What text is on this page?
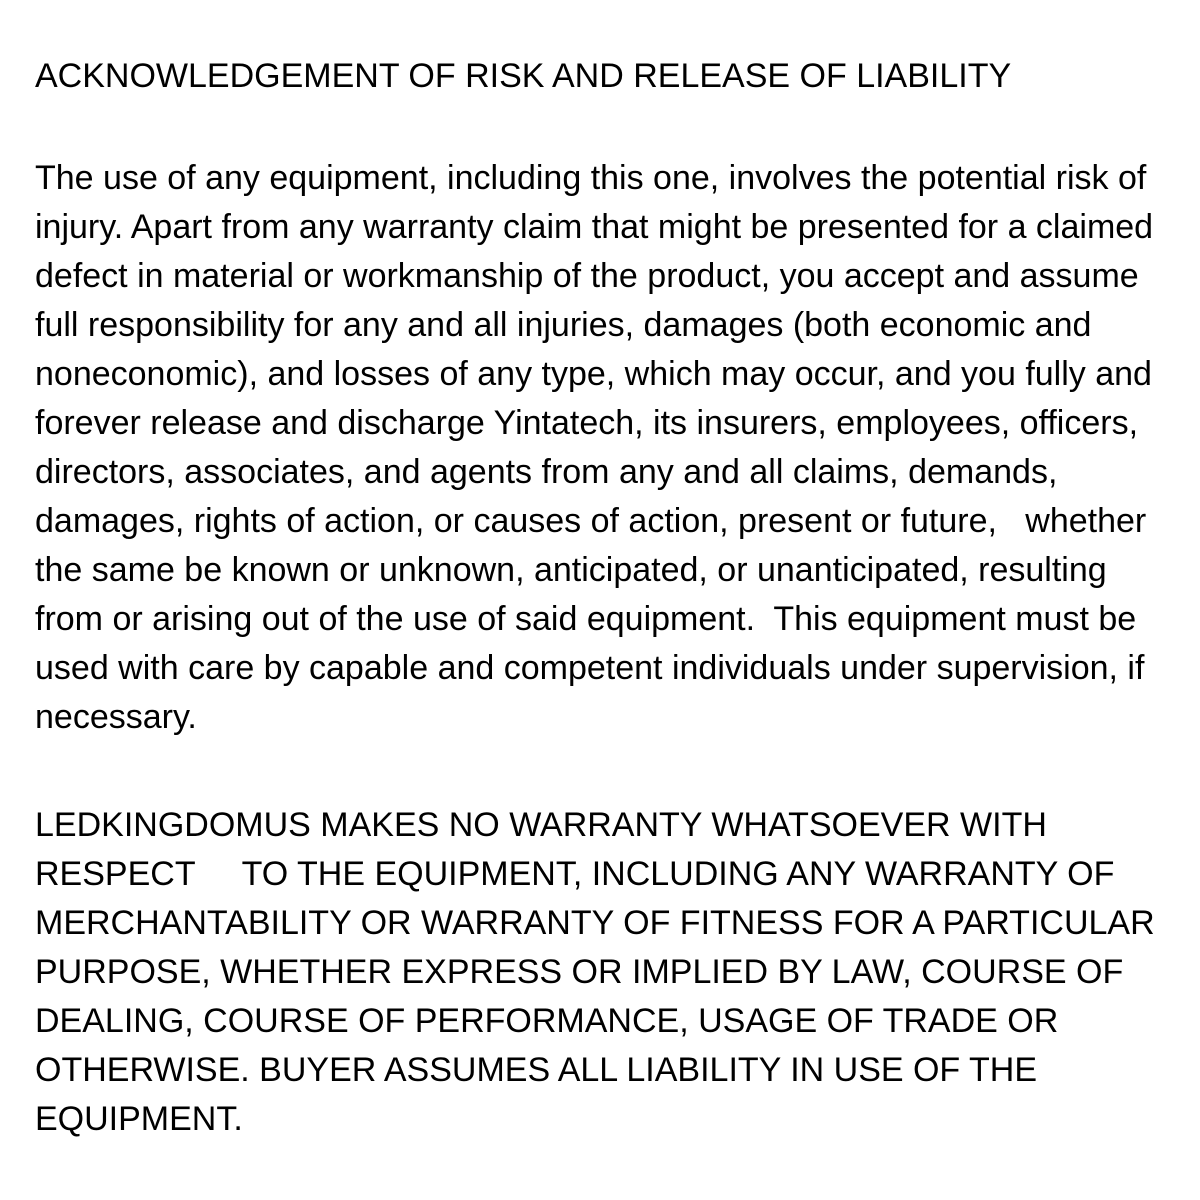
ACKNOWLEDGEMENT OF RISK AND RELEASE OF LIABILITY
The use of any equipment, including this one, involves the potential risk of
injury. Apart from any warranty claim that might be presented for a claimed
defect in material or workmanship of the product, you accept and assume
full responsibility for any and all injuries, damages (both economic and
noneconomic), and losses of any type, which may occur, and you fully and
forever release and discharge Yintatech, its insurers, employees, officers,
directors, associates, and agents from any and all claims, demands,
damages, rights of action, or causes of action, present or future,   whether
the same be known or unknown, anticipated, or unanticipated, resulting
from or arising out of the use of said equipment.  This equipment must be
used with care by capable and competent individuals under supervision, if
necessary.
LEDKINGDOMUS MAKES NO WARRANTY WHATSOEVER WITH
RESPECT     TO THE EQUIPMENT, INCLUDING ANY WARRANTY OF
MERCHANTABILITY OR WARRANTY OF FITNESS FOR A PARTICULAR
PURPOSE, WHETHER EXPRESS OR IMPLIED BY LAW, COURSE OF
DEALING, COURSE OF PERFORMANCE, USAGE OF TRADE OR
OTHERWISE. BUYER ASSUMES ALL LIABILITY IN USE OF THE
EQUIPMENT.
